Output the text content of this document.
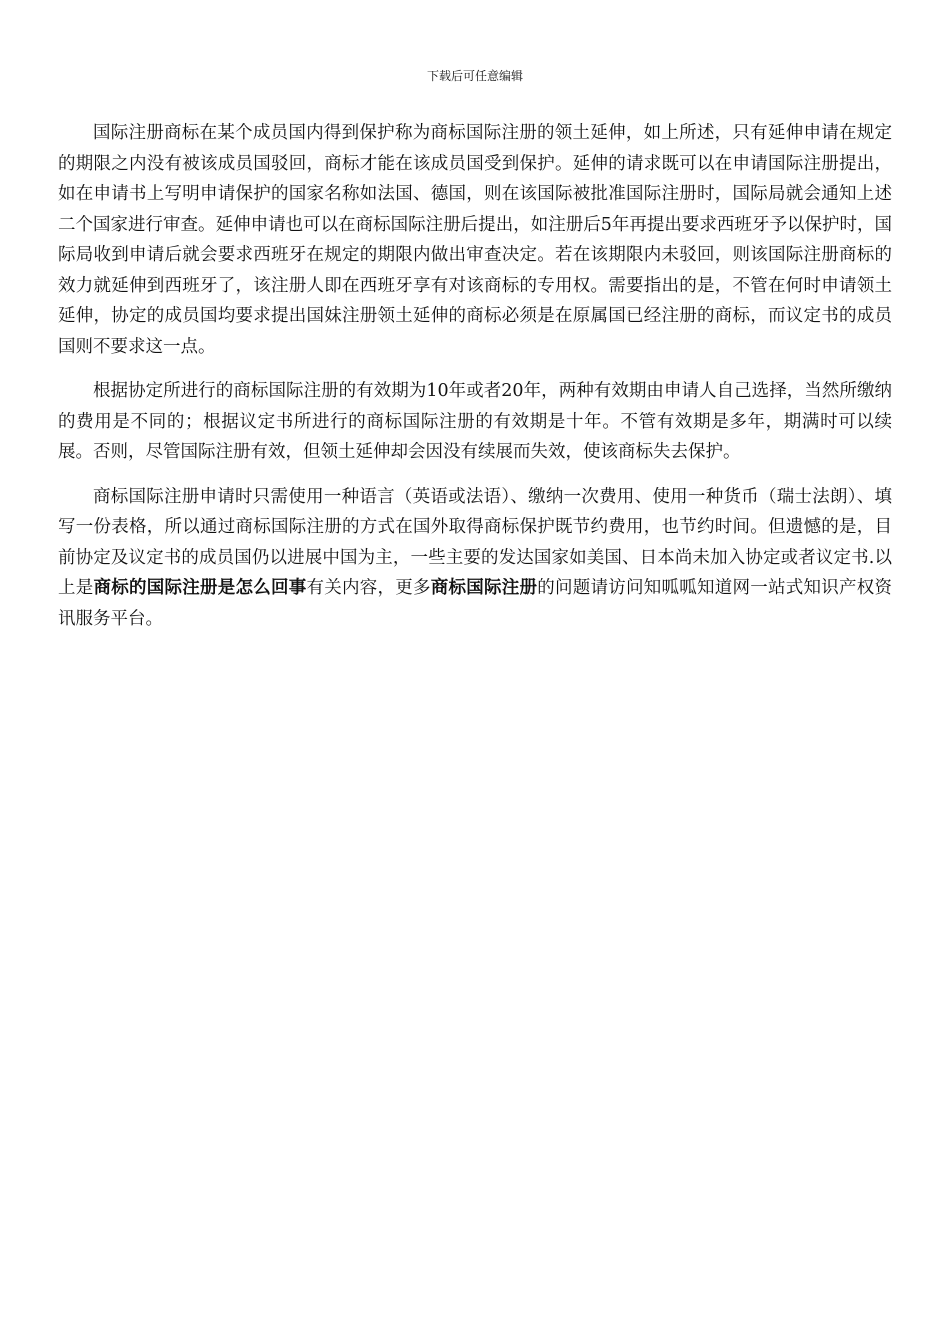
下载后可任意编辑

国际注册商标在某个成员国内得到保护称为商标国际注册的领土延伸，如上所述，只有延伸申请在规定的期限之内没有被该成员国驳回，商标才能在该成员国受到保护。延伸的请求既可以在申请国际注册提出，如在申请书上写明申请保护的国家名称如法国、德国，则在该国际被批准国际注册时，国际局就会通知上述二个国家进行审查。延伸申请也可以在商标国际注册后提出，如注册后5年再提出要求西班牙予以保护时，国际局收到申请后就会要求西班牙在规定的期限内做出审查决定。若在该期限内未驳回，则该国际注册商标的效力就延伸到西班牙了，该注册人即在西班牙享有对该商标的专用权。需要指出的是，不管在何时申请领土延伸，协定的成员国均要求提出国妹注册领土延伸的商标必须是在原属国已经注册的商标，而议定书的成员国则不要求这一点。

根据协定所进行的商标国际注册的有效期为10年或者20年，两种有效期由申请人自己选择，当然所缴纳的费用是不同的；根据议定书所进行的商标国际注册的有效期是十年。不管有效期是多年，期满时可以续展。否则，尽管国际注册有效，但领土延伸却会因没有续展而失效，使该商标失去保护。

商标国际注册申请时只需使用一种语言（英语或法语）、缴纳一次费用、使用一种货币（瑞士法朗）、填写一份表格，所以通过商标国际注册的方式在国外取得商标保护既节约费用，也节约时间。但遗憾的是，目前协定及议定书的成员国仍以进展中国为主，一些主要的发达国家如美国、日本尚未加入协定或者议定书.以上是商标的国际注册是怎么回事有关内容，更多商标国际注册的问题请访问知呱呱知道网一站式知识产权资讯服务平台。
